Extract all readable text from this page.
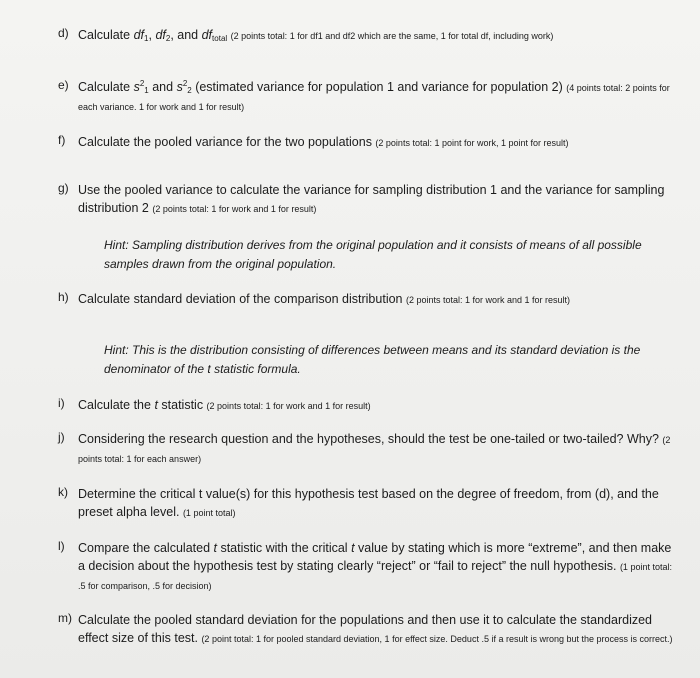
d) Calculate $df_1$, $df_2$, and $df_{total}$ (2 points total: 1 for df1 and df2 which are the same, 1 for total df, including work)
e) Calculate $s^2_1$ and $s^2_2$ (estimated variance for population 1 and variance for population 2) (4 points total: 2 points for each variance. 1 for work and 1 for result)
f) Calculate the pooled variance for the two populations (2 points total: 1 point for work, 1 point for result)
g) Use the pooled variance to calculate the variance for sampling distribution 1 and the variance for sampling distribution 2 (2 points total: 1 for work and 1 for result)
Hint: Sampling distribution derives from the original population and it consists of means of all possible samples drawn from the original population.
h) Calculate standard deviation of the comparison distribution (2 points total: 1 for work and 1 for result)
Hint: This is the distribution consisting of differences between means and its standard deviation is the denominator of the t statistic formula.
i) Calculate the t statistic (2 points total: 1 for work and 1 for result)
j) Considering the research question and the hypotheses, should the test be one-tailed or two-tailed? Why? (2 points total: 1 for each answer)
k) Determine the critical t value(s) for this hypothesis test based on the degree of freedom, from (d), and the preset alpha level. (1 point total)
l) Compare the calculated t statistic with the critical t value by stating which is more “extreme”, and then make a decision about the hypothesis test by stating clearly “reject” or “fail to reject” the null hypothesis. (1 point total: .5 for comparison, .5 for decision)
m) Calculate the pooled standard deviation for the populations and then use it to calculate the standardized effect size of this test. (2 point total: 1 for pooled standard deviation, 1 for effect size. Deduct .5 if a result is wrong but the process is correct.)
